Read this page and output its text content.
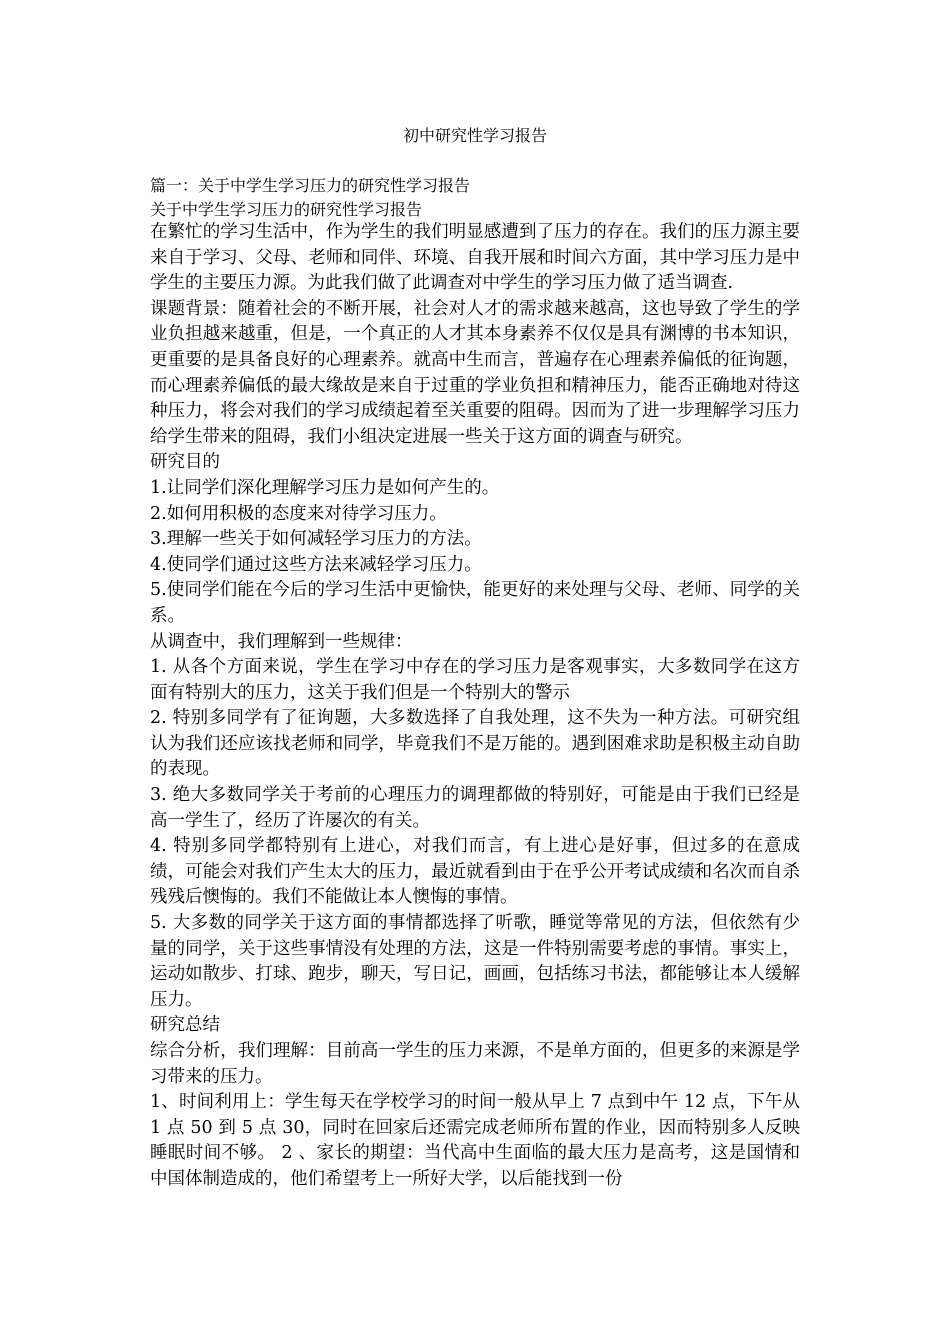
初中研究性学习报告
篇一：关于中学生学习压力的研究性学习报告
关于中学生学习压力的研究性学习报告

在繁忙的学习生活中，作为学生的我们明显感遭到了压力的存在。我们的压力源主要来自于学习、父母、老师和同伴、环境、自我开展和时间六方面，其中学习压力是中学生的主要压力源。为此我们做了此调查对中学生的学习压力做了适当调查.

课题背景：随着社会的不断开展，社会对人才的需求越来越高，这也导致了学生的学业负担越来越重，但是，一个真正的人才其本身素养不仅仅是具有渊博的书本知识，更重要的是具备良好的心理素养。就高中生而言，普遍存在心理素养偏低的征询题，而心理素养偏低的最大缘故是来自于过重的学业负担和精神压力，能否正确地对待这种压力，将会对我们的学习成绩起着至关重要的阻碍。因而为了进一步理解学习压力给学生带来的阻碍，我们小组决定进展一些关于这方面的调查与研究。

研究目的

1.让同学们深化理解学习压力是如何产生的。

2.如何用积极的态度来对待学习压力。

3.理解一些关于如何减轻学习压力的方法。

4.使同学们通过这些方法来减轻学习压力。

5.使同学们能在今后的学习生活中更愉快，能更好的来处理与父母、老师、同学的关系。

从调查中，我们理解到一些规律：

1. 从各个方面来说，学生在学习中存在的学习压力是客观事实，大多数同学在这方面有特别大的压力，这关于我们但是一个特别大的警示

2. 特别多同学有了征询题，大多数选择了自我处理，这不失为一种方法。可研究组认为我们还应该找老师和同学，毕竟我们不是万能的。遇到困难求助是积极主动自助的表现。

3. 绝大多数同学关于考前的心理压力的调理都做的特别好，可能是由于我们已经是高一学生了，经历了许屡次的有关。

4. 特别多同学都特别有上进心，对我们而言，有上进心是好事，但过多的在意成绩，可能会对我们产生太大的压力，最近就看到由于在乎公开考试成绩和名次而自杀残残后懊悔的。我们不能做让本人懊悔的事情。

5. 大多数的同学关于这方面的事情都选择了听歌，睡觉等常见的方法，但依然有少量的同学，关于这些事情没有处理的方法，这是一件特别需要考虑的事情。事实上，运动如散步、打球、跑步，聊天，写日记，画画，包括练习书法，都能够让本人缓解压力。

研究总结

综合分析，我们理解：目前高一学生的压力来源，不是单方面的，但更多的来源是学习带来的压力。

1、时间利用上：学生每天在学校学习的时间一般从早上 7 点到中午 12 点，下午从 1 点 50 到 5 点 30，同时在回家后还需完成老师所布置的作业，因而特别多人反映睡眠时间不够。 2 、家长的期望：当代高中生面临的最大压力是高考，这是国情和中国体制造成的，他们希望考上一所好大学，以后能找到一份
